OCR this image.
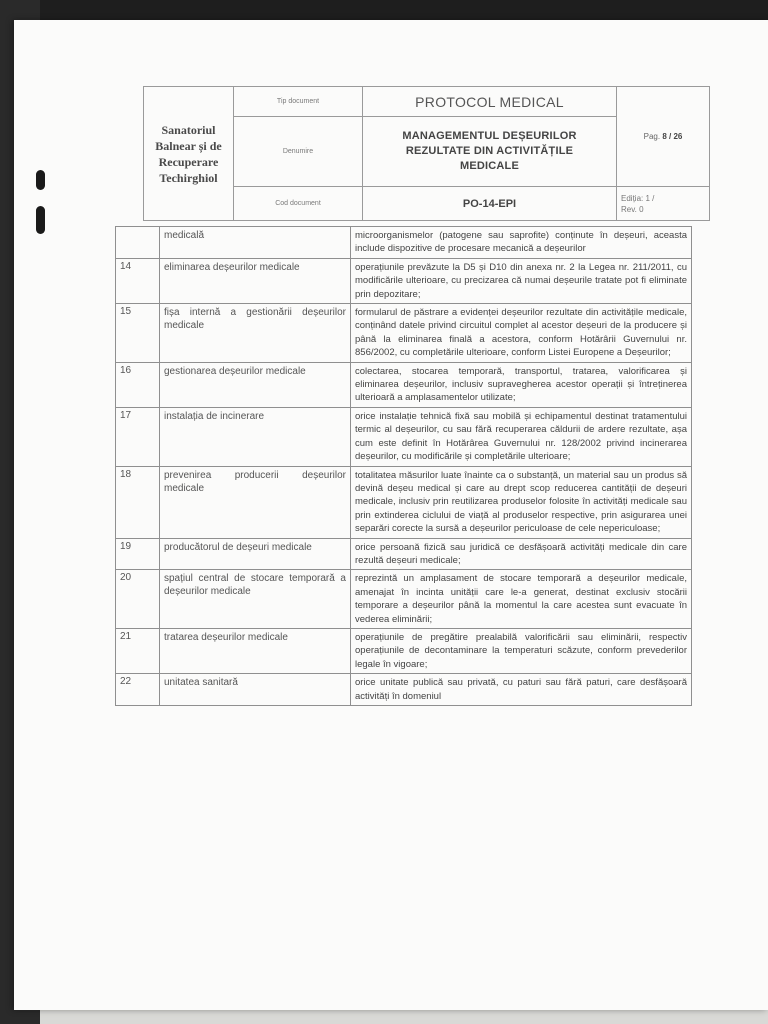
Sanatoriul
Balnear și de
Recuperare
Techirghiol	Tip document	PROTOCOL MEDICAL	Pag. 8 / 26
	Denumire	MANAGEMENTUL DEȘEURILOR
REZULTATE DIN ACTIVITĂȚILE
MEDICALE	

	Cod document	PO-14-EPI	Ediția: 1 /
Rev. 0
	medicală	microorganismelor (patogene sau saprofite) conținute în deșeuri, aceasta include dispozitive de procesare mecanică a deșeurilor
14	eliminarea deșeurilor medicale	operațiunile prevăzute la D5 și D10 din anexa nr. 2 la Legea nr. 211/2011, cu modificările ulterioare, cu precizarea că numai deșeurile tratate pot fi eliminate prin depozitare;
15	fișa internă a gestionării deșeurilor medicale	formularul de păstrare a evidenței deșeurilor rezultate din activitățile medicale, conținând datele privind circuitul complet al acestor deșeuri de la producere și până la eliminarea finală a acestora, conform Hotărârii Guvernului nr. 856/2002, cu completările ulterioare, conform Listei Europene a Deșeurilor;
16	gestionarea deșeurilor medicale	colectarea, stocarea temporară, transportul, tratarea, valorificarea și eliminarea deșeurilor, inclusiv supravegherea acestor operații și întreținerea ulterioară a amplasamentelor utilizate;
17	instalația de incinerare	orice instalație tehnică fixă sau mobilă și echipamentul destinat tratamentului termic al deșeurilor, cu sau fără recuperarea căldurii de ardere rezultate, așa cum este definit în Hotărârea Guvernului nr. 128/2002 privind incinerarea deșeurilor, cu modificările și completările ulterioare;
18	prevenirea producerii deșeurilor medicale	totalitatea măsurilor luate înainte ca o substanță, un material sau un produs să devină deșeu medical și care au drept scop reducerea cantității de deșeuri medicale, inclusiv prin reutilizarea produselor folosite în activități medicale sau prin extinderea ciclului de viață al produselor respective, prin asigurarea unei separări corecte la sursă a deșeurilor periculoase de cele nepericuloase;
19	producătorul de deșeuri medicale	orice persoană fizică sau juridică ce desfășoară activități medicale din care rezultă deșeuri medicale;
20	spațiul central de stocare temporară a deșeurilor medicale	reprezintă un amplasament de stocare temporară a deșeurilor medicale, amenajat în incinta unității care le-a generat, destinat exclusiv stocării temporare a deșeurilor până la momentul la care acestea sunt evacuate în vederea eliminării;
21	tratarea deșeurilor medicale	operațiunile de pregătire prealabilă valorificării sau eliminării, respectiv operațiunile de decontaminare la temperaturi scăzute, conform prevederilor legale în vigoare;
22	unitatea sanitară	orice unitate publică sau privată, cu paturi sau fără paturi, care desfășoară activități în domeniul
